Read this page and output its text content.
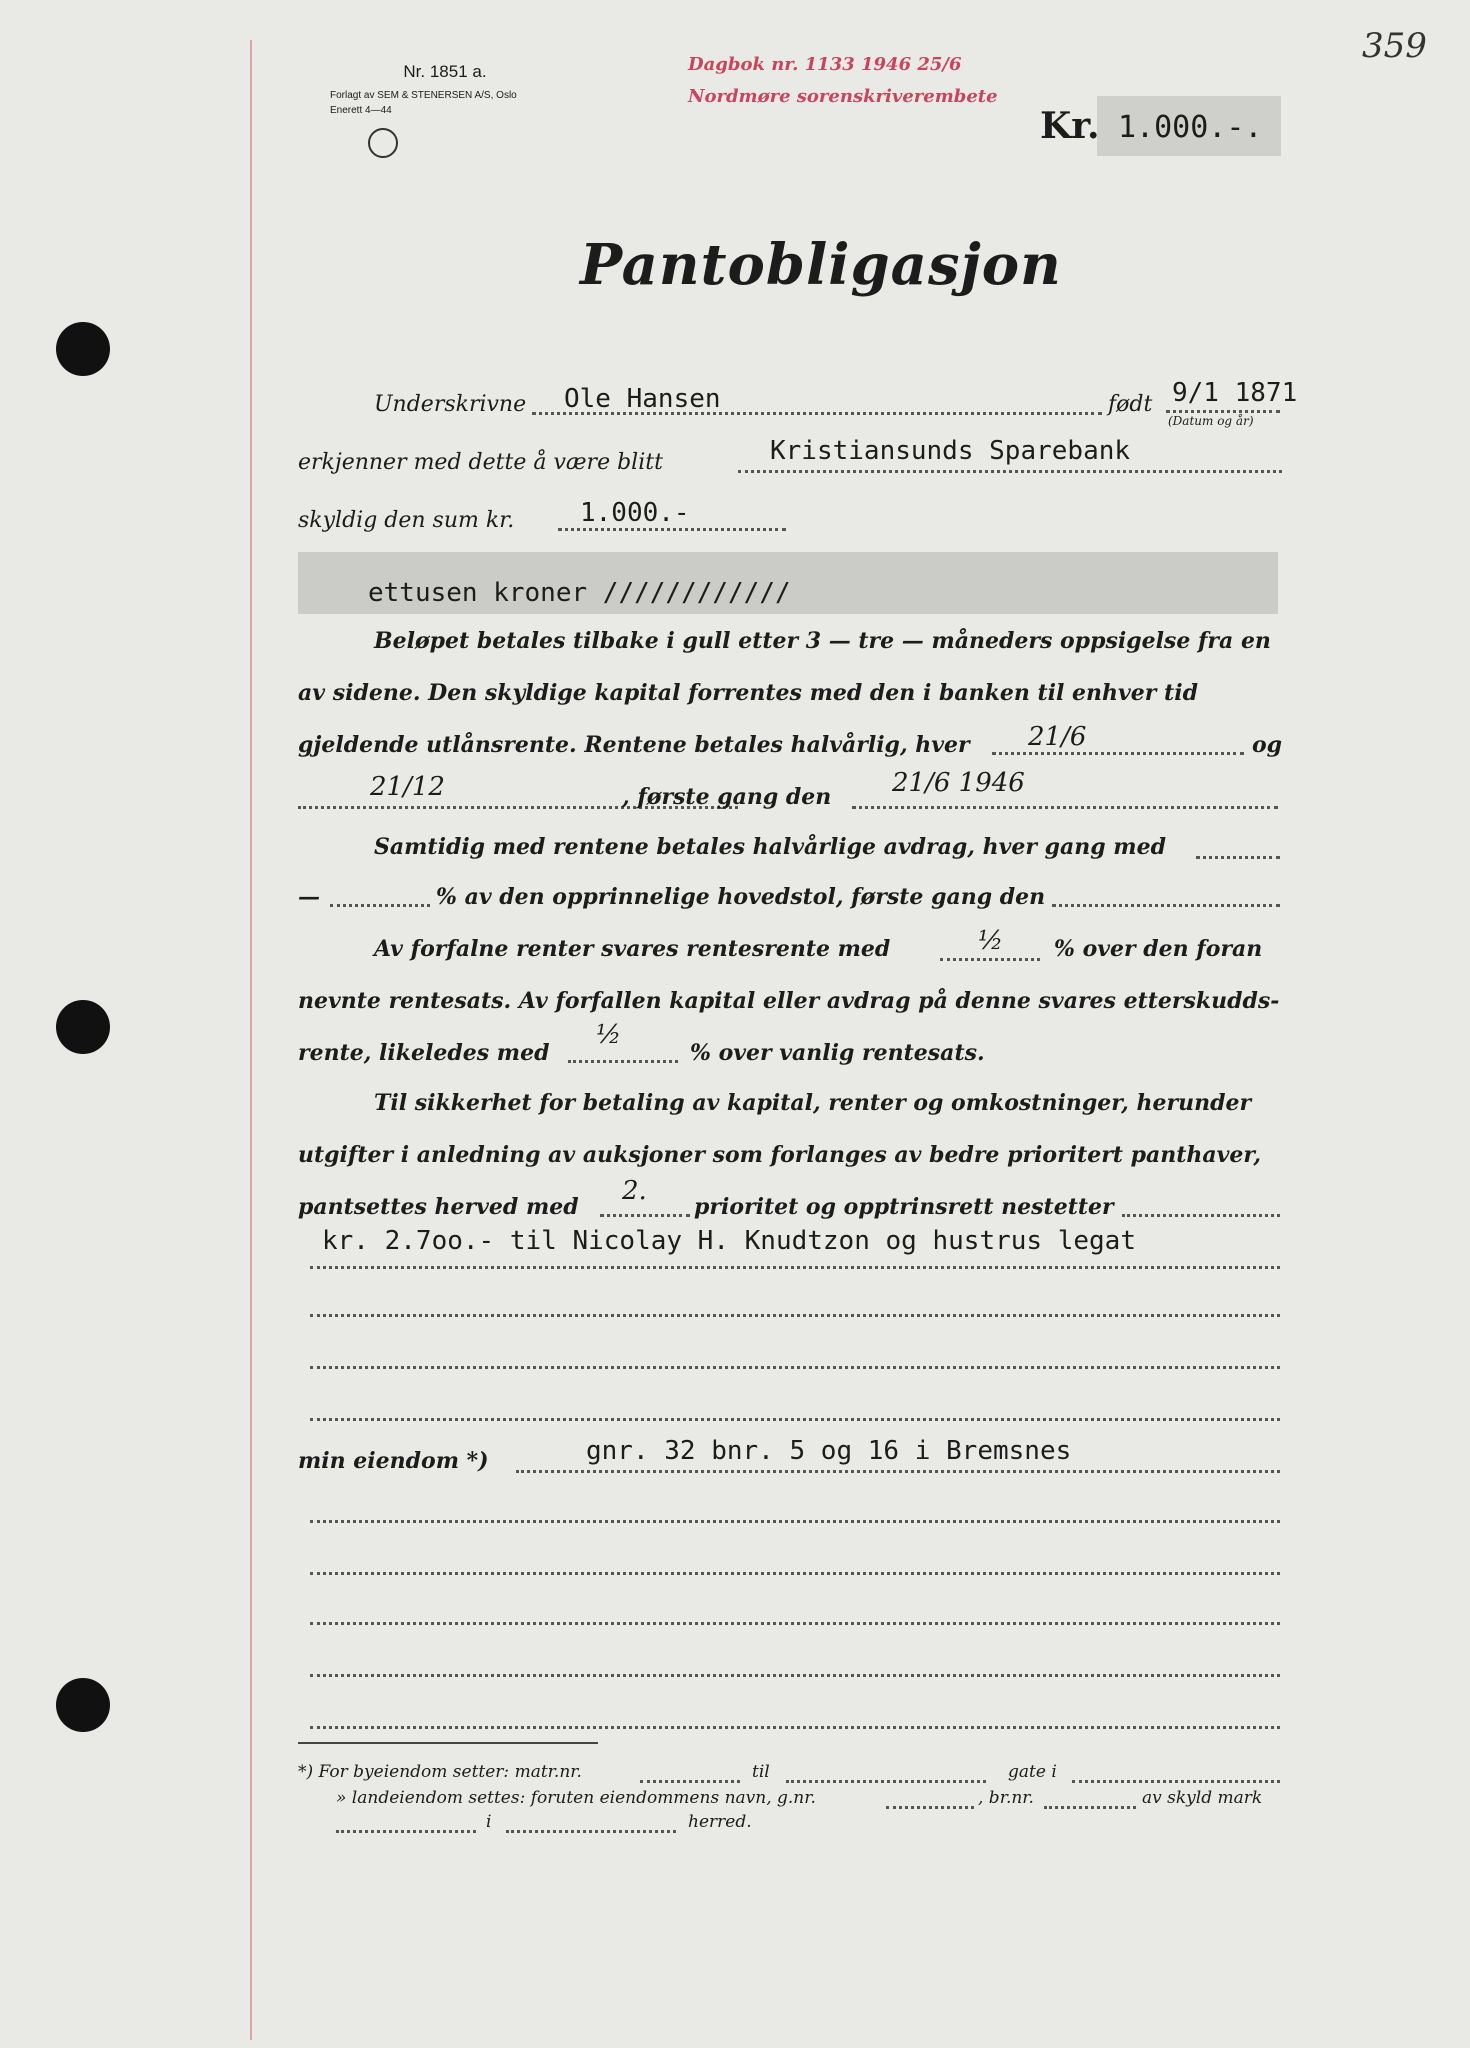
Dagbok nr. 1133 1946 25/6
Nordmøre sorenskriverembete
359
Nr. 1851 a.
Forlagt av SEM & STENERSEN A/S, Oslo
Enerett 4—44	Kr. 1.000.-.
Pantobligasjon
Underskrivne Ole Hansen	født 9/1 1871
(Datum og år)
erkjenner med dette å være blitt	Kristiansunds Sparebank
skyldig den sum kr.	1.000.-
ettusen kroner ////////////
Beløpet betales tilbake i gull etter 3 — tre — måneders oppsigelse fra en
av sidene. Den skyldige kapital forrentes med den i banken til enhver tid
gjeldende utlånsrente. Rentene betales halvårlig, hver 21/6	og
21/12	, første gang den 21/6 1946
Samtidig med rentene betales halvårlige avdrag, hver gang med
—	% av den opprinnelige hovedstol, første gang den
Av forfalne renter svares rentesrente med	½ % over den foran
nevnte rentesats. Av forfallen kapital eller avdrag på denne svares etterskudds-
rente, likeledes med
½
% over vanlig rentesats.
Til sikkerhet for betaling av kapital, renter og omkostninger, herunder
utgifter i anledning av auksjoner som forlanges av bedre prioritert panthaver,
pantsettes herved med
2.
prioritet og opptrinsrett nestetter
kr. 2.7oo.- til Nicolay H. Knudtzon og hustrus legat
min eiendom *)	gnr. 32 bnr. 5 og 16 i Bremsnes
*) For byeiendom setter: matr.nr.	til	gate i
» landeiendom settes: foruten eiendommens navn, g.nr.	, br.nr.	av skyld mark
i	herred.
